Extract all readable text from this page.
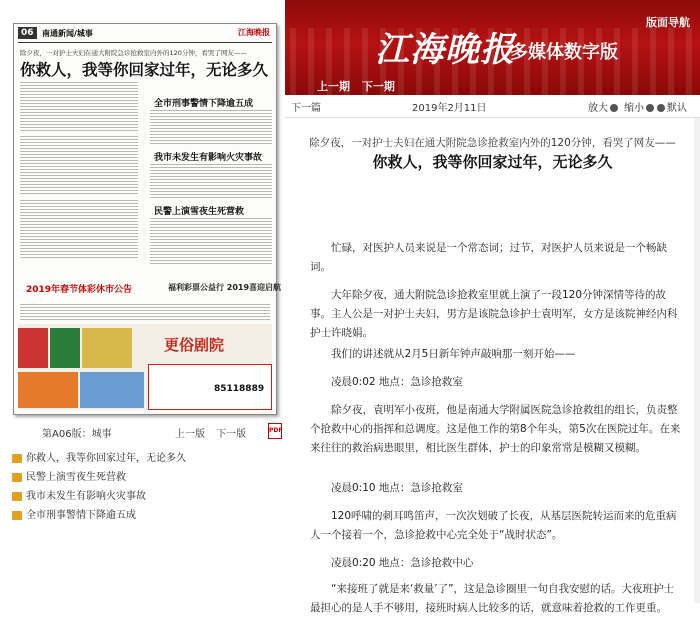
江海晚报
多媒体数字版
版面导航
上一期 下一期
06	南通新闻/城事	江海晚报
除夕夜，一对护士夫妇在通大附院急诊抢救室内外的120分钟，看哭了网友——
你救人，我等你回家过年，无论多久
全市刑事警情下降逾五成
我市未发生有影响火灾事故
民警上演雪夜生死营救
2019年春节体彩休市公告	福利彩票公益行 2019喜迎启航
更俗剧院
85118889
第A06版：城事	上一版 下一版	PDF
你救人，我等你回家过年，无论多久
民警上演雪夜生死营救
我市未发生有影响火灾事故
全市刑事警情下降逾五成
下一篇	2019年2月11日	放大	缩小	默认
除夕夜，一对护士夫妇在通大附院急诊抢救室内外的120分钟，看哭了网友——
你救人，我等你回家过年，无论多久

忙碌，对医护人员来说是一个常态词；过节，对医护人员来说是一个畅缺词。

大年除夕夜，通大附院急诊抢救室里就上演了一段120分钟深情等待的故事。主人公是一对护士夫妇，男方是该院急诊护士袁明军，女方是该院神经内科护士许晓娟。

我们的讲述就从2月5日新年钟声敲响那一刻开始——

凌晨0:02 地点：急诊抢救室

除夕夜，袁明军小夜班，他是南通大学附属医院急诊抢救组的组长，负责整个抢救中心的指挥和总调度。这是他工作的第8个年头，第5次在医院过年。在来来往往的救治病患眼里，相比医生群体，护士的印象常常是模糊又模糊。

凌晨0:10 地点：急诊抢救室

120呼啸的刺耳鸣笛声，一次次划破了长夜，从基层医院转运而来的危重病人一个接着一个，急诊抢救中心完全处于“战时状态”。

凌晨0:20 地点：急诊抢救中心

“来接班了就是来‘救量’了”，这是急诊圈里一句自我安慰的话。大夜班护士最担心的是人手不够用，接班时病人比较多的话，就意味着抢救的工作更重。
